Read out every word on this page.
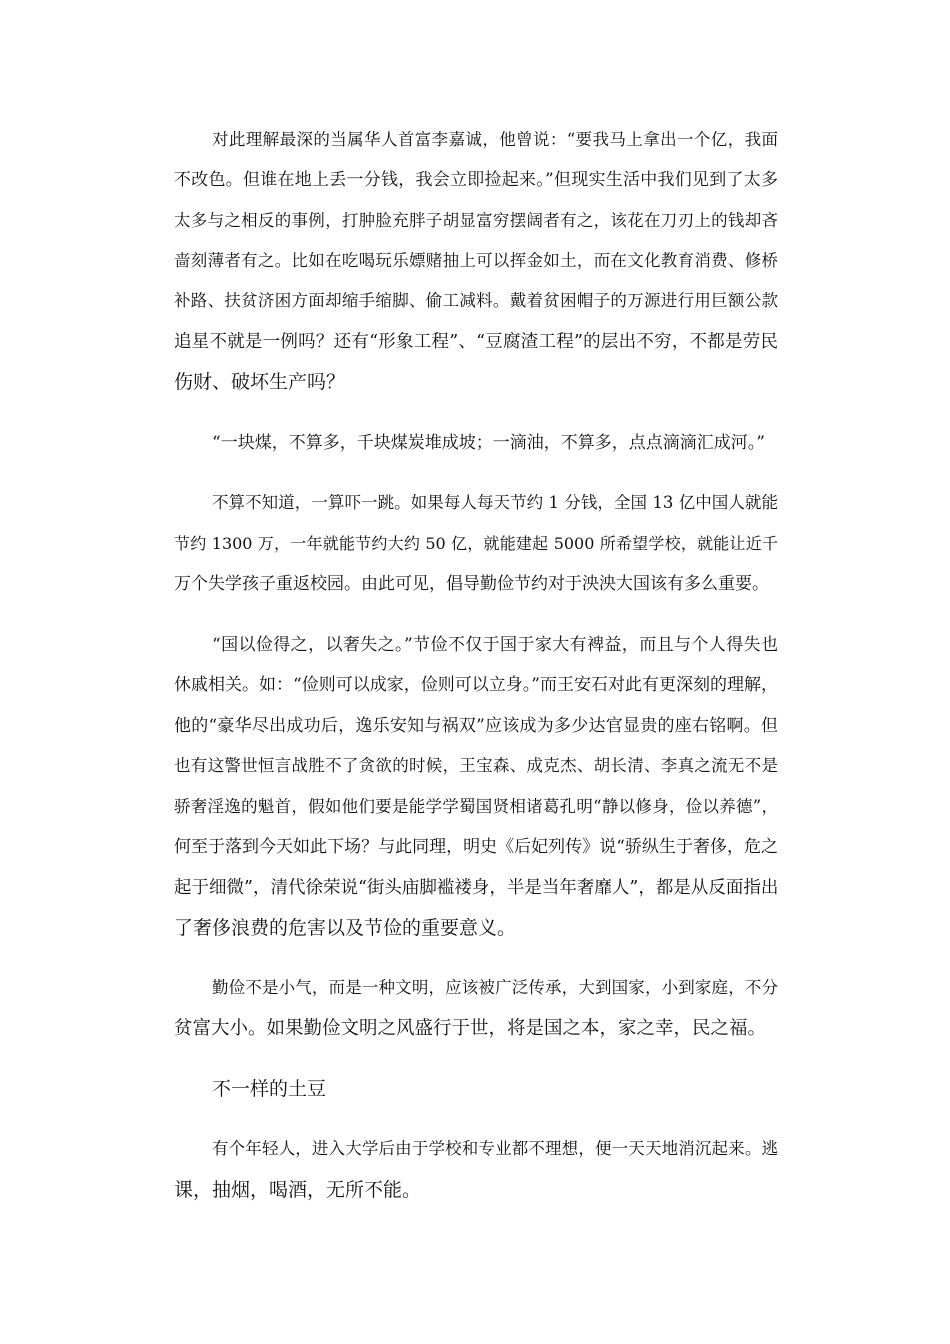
对此理解最深的当属华人首富李嘉诚，他曾说：“要我马上拿出一个亿，我面
不改色。但谁在地上丢一分钱，我会立即捡起来。”但现实生活中我们见到了太多
太多与之相反的事例，打肿脸充胖子胡显富穷摆阔者有之，该花在刀刃上的钱却吝
啬刻薄者有之。比如在吃喝玩乐嫖赌抽上可以挥金如土，而在文化教育消费、修桥
补路、扶贫济困方面却缩手缩脚、偷工减料。戴着贫困帽子的万源进行用巨额公款
追星不就是一例吗？还有“形象工程”、“豆腐渣工程”的层出不穷，不都是劳民
伤财、破坏生产吗？
“一块煤，不算多，千块煤炭堆成坡；一滴油，不算多，点点滴滴汇成河。”
不算不知道，一算吓一跳。如果每人每天节约 1 分钱，全国 13 亿中国人就能
节约 1300 万，一年就能节约大约 50 亿，就能建起 5000 所希望学校，就能让近千
万个失学孩子重返校园。由此可见，倡导勤俭节约对于泱泱大国该有多么重要。
“国以俭得之，以奢失之。”节俭不仅于国于家大有裨益，而且与个人得失也
休戚相关。如：“俭则可以成家，俭则可以立身。”而王安石对此有更深刻的理解，
他的“豪华尽出成功后，逸乐安知与祸双”应该成为多少达官显贵的座右铭啊。但
也有这警世恒言战胜不了贪欲的时候，王宝森、成克杰、胡长清、李真之流无不是
骄奢淫逸的魁首，假如他们要是能学学蜀国贤相诸葛孔明“静以修身，俭以养德”，
何至于落到今天如此下场？与此同理，明史《后妃列传》说“骄纵生于奢侈，危之
起于细微”，清代徐荣说“街头庙脚褴褛身，半是当年奢靡人”，都是从反面指出
了奢侈浪费的危害以及节俭的重要意义。
勤俭不是小气，而是一种文明，应该被广泛传承，大到国家，小到家庭，不分
贫富大小。如果勤俭文明之风盛行于世，将是国之本，家之幸，民之福。
不一样的土豆
有个年轻人，进入大学后由于学校和专业都不理想，便一天天地消沉起来。逃
课，抽烟，喝酒，无所不能。
